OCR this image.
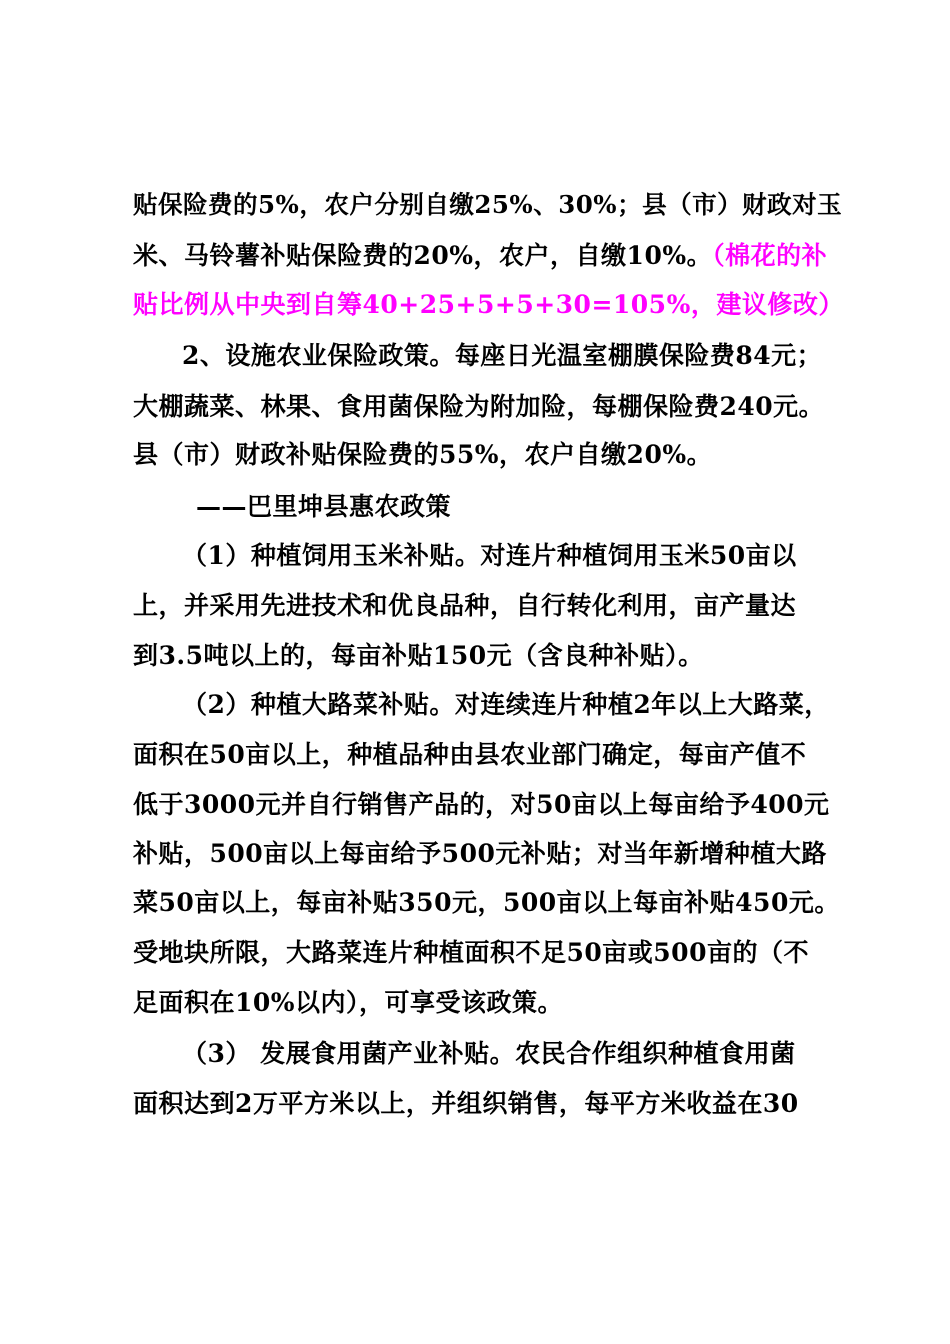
贴保险费的5%，农户分别自缴25%、30%；县（市）财政对玉
米、马铃薯补贴保险费的20%，农户，自缴10%。（棉花的补
贴比例从中央到自筹40+25+5+5+30=105%，建议修改）
2、设施农业保险政策。每座日光温室棚膜保险费84元；
大棚蔬菜、林果、食用菌保险为附加险，每棚保险费240元。
县（市）财政补贴保险费的55%，农户自缴20%。
——巴里坤县惠农政策
（1）种植饲用玉米补贴。对连片种植饲用玉米50亩以
上，并采用先进技术和优良品种，自行转化利用，亩产量达
到3.5吨以上的，每亩补贴150元（含良种补贴）。
（2）种植大路菜补贴。对连续连片种植2年以上大路菜，
面积在50亩以上，种植品种由县农业部门确定，每亩产值不
低于3000元并自行销售产品的，对50亩以上每亩给予400元
补贴，500亩以上每亩给予500元补贴；对当年新增种植大路
菜50亩以上，每亩补贴350元，500亩以上每亩补贴450元。
受地块所限，大路菜连片种植面积不足50亩或500亩的（不
足面积在10%以内），可享受该政策。
（3） 发展食用菌产业补贴。农民合作组织种植食用菌
面积达到2万平方米以上，并组织销售，每平方米收益在30
